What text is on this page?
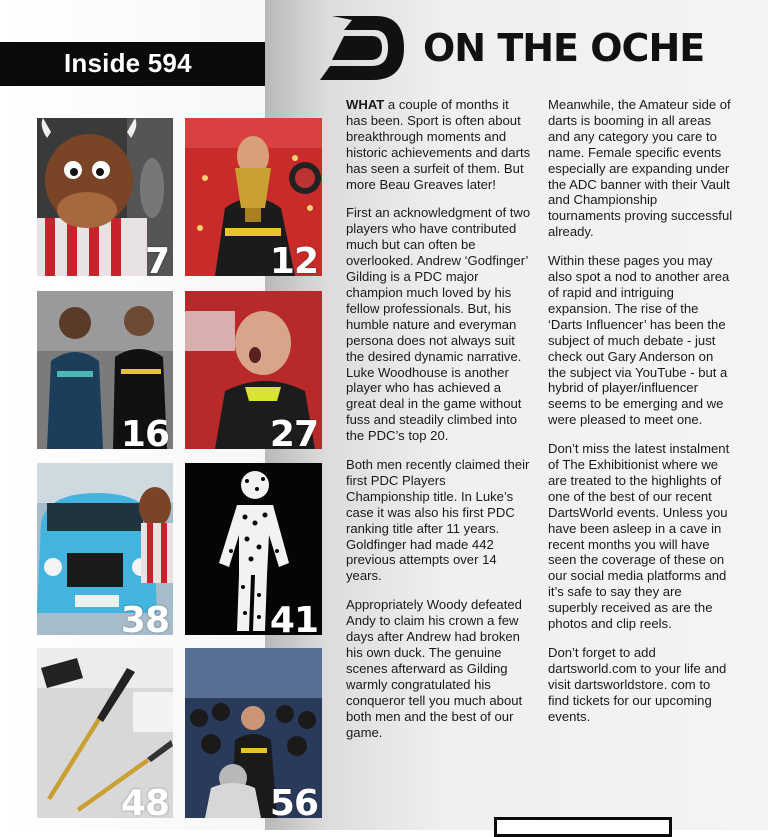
Inside 594
7	12
16	27
38	41
48	56
ON THE OCHE

WHAT a couple of months it has been. Sport is often about breakthrough moments and historic achievements and darts has seen a surfeit of them. But more Beau Greaves later!

First an acknowledgment of two players who have contributed much but can often be overlooked. Andrew ‘Godfinger’ Gilding is a PDC major champion much loved by his fellow professionals. But, his humble nature and everyman persona does not always suit the desired dynamic narrative. Luke Woodhouse is another player who has achieved a great deal in the game without fuss and steadily climbed into the PDC’s top 20.

Both men recently claimed their first PDC Players Championship title. In Luke’s case it was also his first PDC ranking title after 11 years. Goldfinger had made 442 previous attempts over 14 years.

Appropriately Woody defeated Andy to claim his crown a few days after Andrew had broken his own duck. The genuine scenes afterward as Gilding warmly congratulated his conqueror tell you much about both men and the best of our game.

Meanwhile, the Amateur side of darts is booming in all areas and any category you care to name. Female specific events especially are expanding under the ADC banner with their Vault and Championship tournaments proving successful already.

Within these pages you may also spot a nod to another area of rapid and intriguing expansion. The rise of the ‘Darts Influencer’ has been the subject of much debate - just check out Gary Anderson on the subject via YouTube - but a hybrid of player/influencer seems to be emerging and we were pleased to meet one.

Don’t miss the latest instalment of The Exhibitionist where we are treated to the highlights of one of the best of our recent DartsWorld events. Unless you have been asleep in a cave in recent months you will have seen the coverage of these on our social media platforms and it’s safe to say they are superbly received as are the photos and clip reels.

Don’t forget to add dartsworld.com to your life and visit dartsworldstore. com to find tickets for our upcoming events.
